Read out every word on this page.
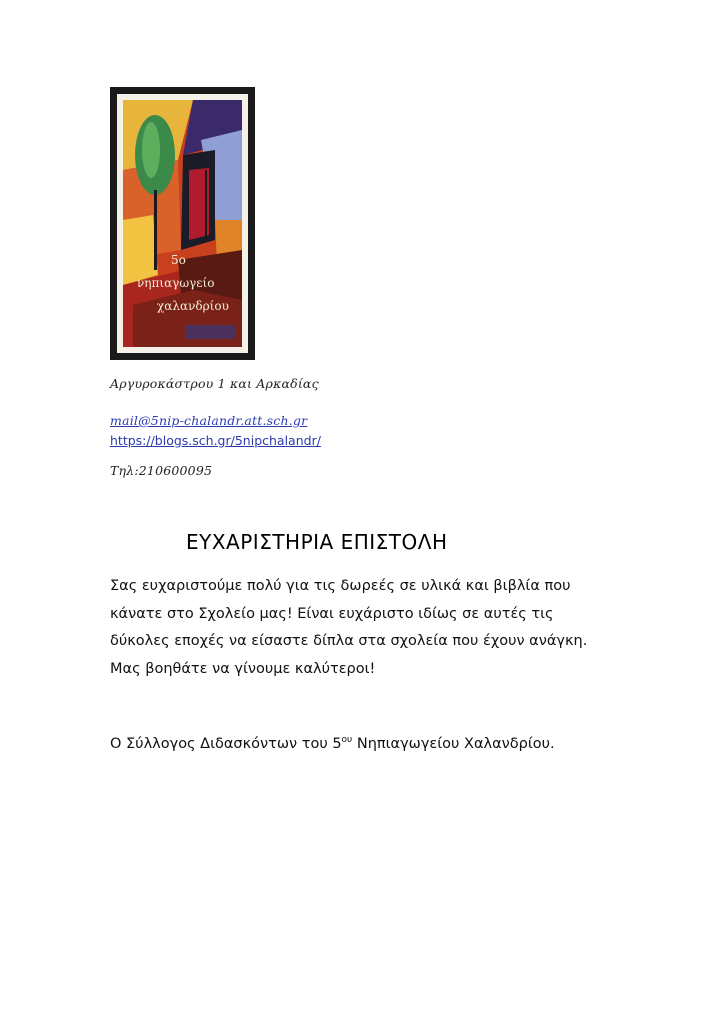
5ο
νηπιαγωγείο
χαλανδρίου
Αργυροκάστρου 1 και Αρκαδίας
mail@5nip-chalandr.att.sch.gr
https://blogs.sch.gr/5nipchalandr/
Τηλ:210600095
ΕΥΧΑΡΙΣΤΗΡΙΑ ΕΠΙΣΤΟΛΗ
Σας ευχαριστούμε πολύ για τις δωρεές σε υλικά και βιβλία που
κάνατε στο Σχολείο μας! Είναι ευχάριστο ιδίως σε αυτές τις
δύκολες εποχές να είσαστε δίπλα στα σχολεία που έχουν ανάγκη.
Μας βοηθάτε να γίνουμε καλύτεροι!
Ο Σύλλογος Διδασκόντων του $5^{o\upsilon}$ Νηπιαγωγείου Χαλανδρίου.
